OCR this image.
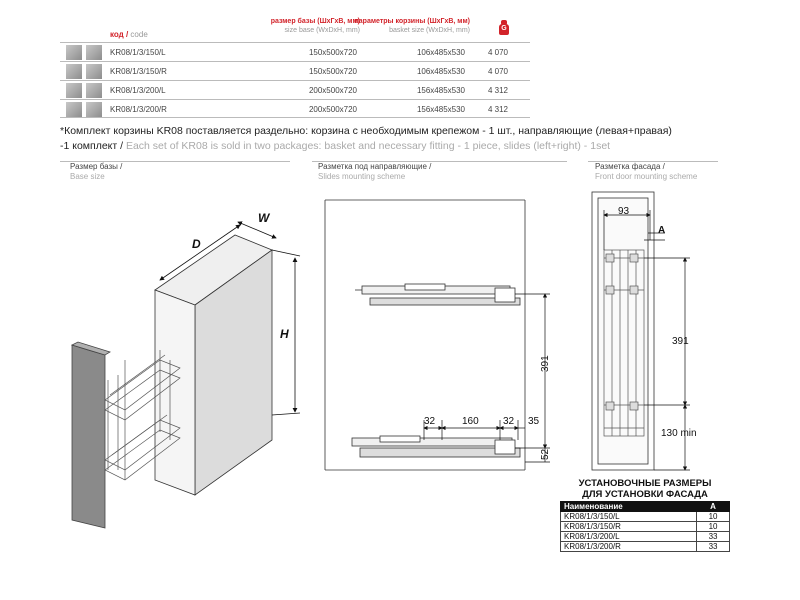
код / code
размер базы (ШхГхВ, мм)
size base (WxDxH, mm)
параметры корзины (ШхГхВ, мм)
basket size (WxDxH, mm)	G
KR08/1/3/150/L	150x500x720	106x485x530	4 070
KR08/1/3/150/R	150x500x720	106x485x530	4 070
KR08/1/3/200/L	200x500x720	156x485x530	4 312
KR08/1/3/200/R	200x500x720	156x485x530	4 312
*Комплект корзины KR08 поставляется раздельно: корзина с необходимым крепежом - 1 шт., направляющие (левая+правая)
-1 комплект / Each set of KR08 is sold in two packages: basket and necessary fitting - 1 piece, slides (left+right) - 1set
Размер базы /
Base size
Разметка под направляющие /
Slides mounting scheme
Разметка фасада /
Front door mounting scheme
D
W
H
391
32	160 32 35
52
93
A
391
130 min
УСТАНОВОЧНЫЕ РАЗМЕРЫ
ДЛЯ УСТАНОВКИ ФАСАДА
Наименование	A
KR08/1/3/150/L	10
KR08/1/3/150/R	10
KR08/1/3/200/L	33
KR08/1/3/200/R	33
